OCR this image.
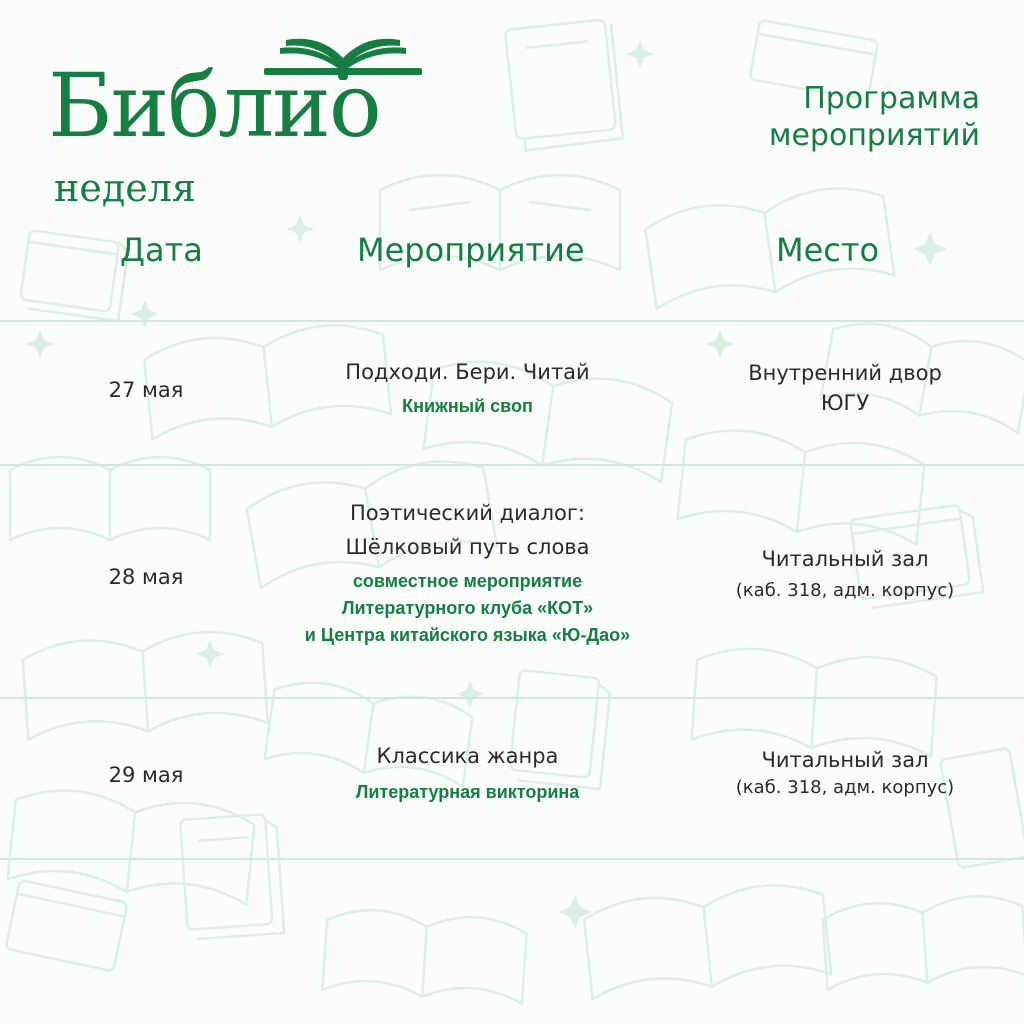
Библио
неделя
Программа
мероприятий
Дата	Мероприятие	Место
27 мая
Подходи. Бери. Читай
Книжный своп
Внутренний двор
ЮГУ
28 мая
Поэтический диалог:
Шёлковый путь слова
совместное мероприятие
Литературного клуба «КОТ»
и Центра китайского языка «Ю-Дао»
Читальный зал
(каб. 318, адм. корпус)
29 мая
Классика жанра
Литературная викторина
Читальный зал
(каб. 318, адм. корпус)
